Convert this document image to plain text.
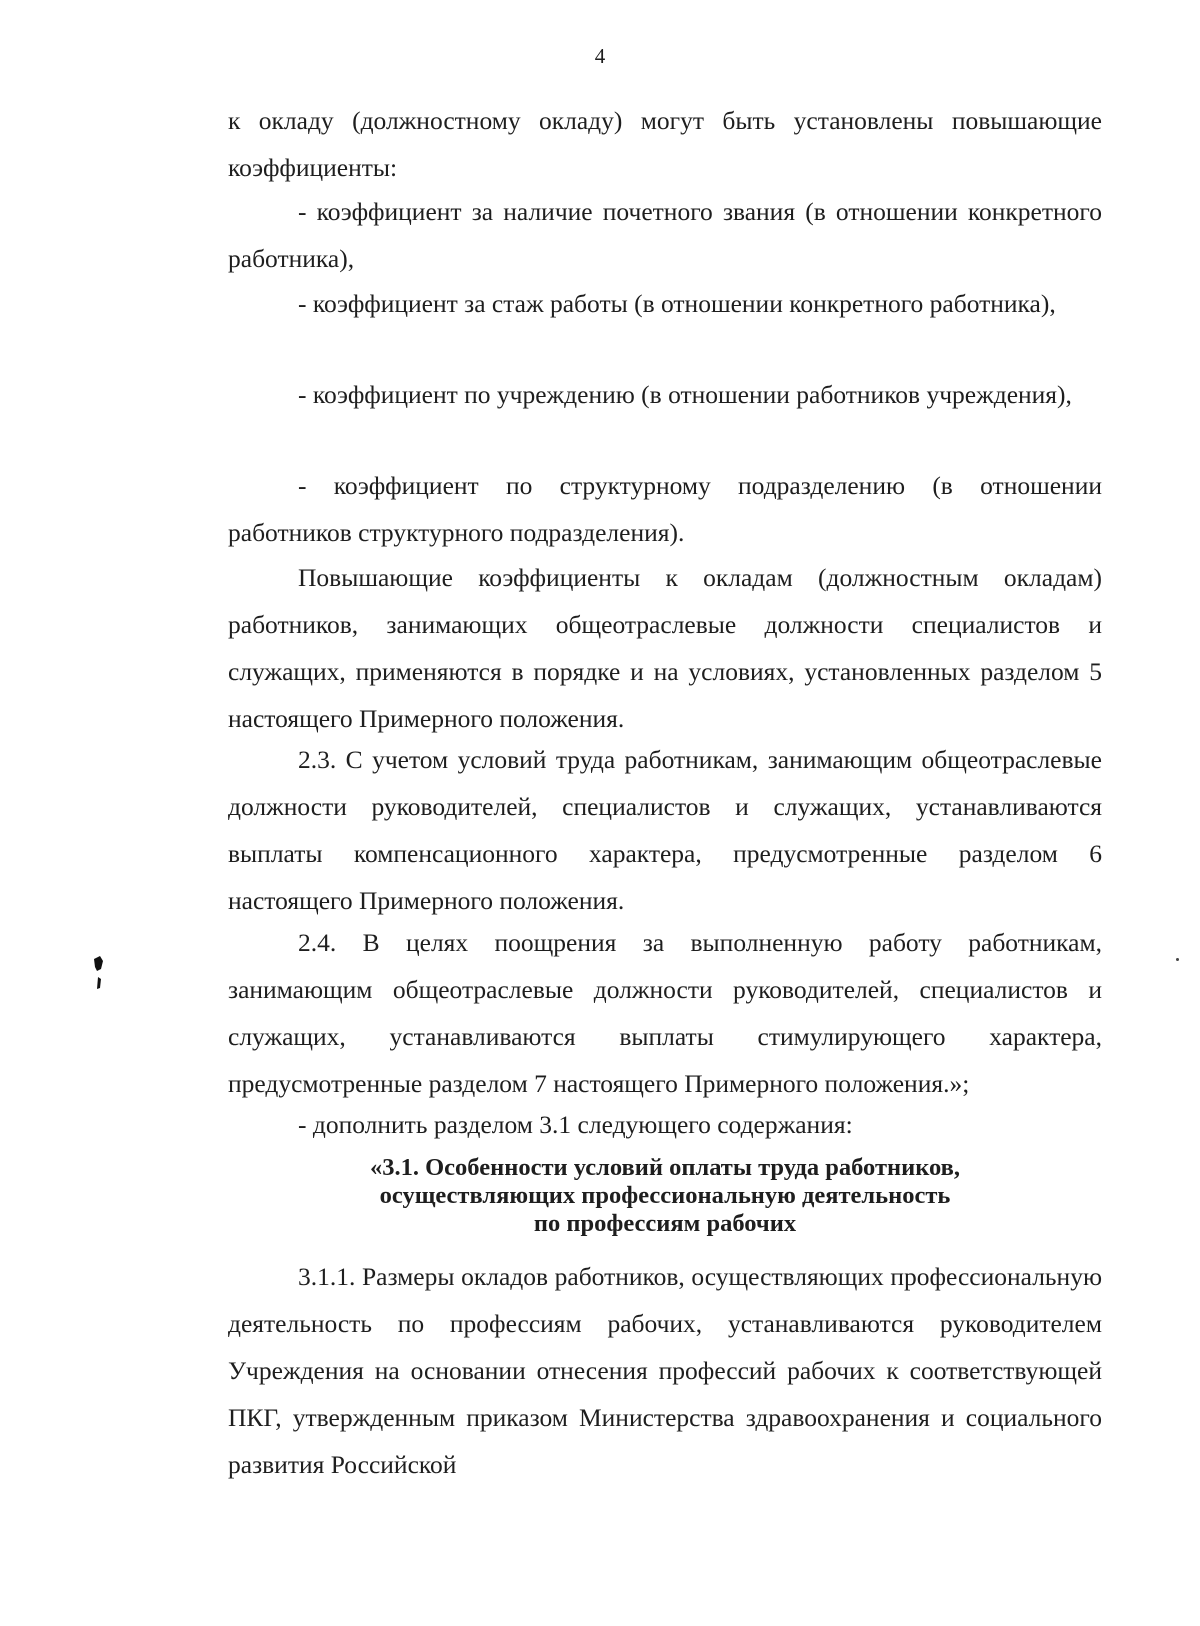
4

к окладу (должностному окладу) могут быть установлены повышающие коэффициенты:

- коэффициент за наличие почетного звания (в отношении конкретного работника),

- коэффициент за стаж работы (в отношении конкретного работника),

- коэффициент по учреждению (в отношении работников учреждения),

- коэффициент по структурному подразделению (в отношении работников структурного подразделения).

Повышающие коэффициенты к окладам (должностным окладам) работников, занимающих общеотраслевые должности специалистов и служащих, применяются в порядке и на условиях, установленных разделом 5 настоящего Примерного положения.

2.3. С учетом условий труда работникам, занимающим общеотраслевые должности руководителей, специалистов и служащих, устанавливаются выплаты компенсационного характера, предусмотренные разделом 6 настоящего Примерного положения.

2.4. В целях поощрения за выполненную работу работникам, занимающим общеотраслевые должности руководителей, специалистов и служащих, устанавливаются выплаты стимулирующего характера, предусмотренные разделом 7 настоящего Примерного положения.»;

- дополнить разделом 3.1 следующего содержания:

«3.1. Особенности условий оплаты труда работников,
осуществляющих профессиональную деятельность
по профессиям рабочих

3.1.1. Размеры окладов работников, осуществляющих профессиональную деятельность по профессиям рабочих, устанавливаются руководителем Учреждения на основании отнесения профессий рабочих к соответствующей ПКГ, утвержденным приказом Министерства здравоохранения и социального развития Российской
